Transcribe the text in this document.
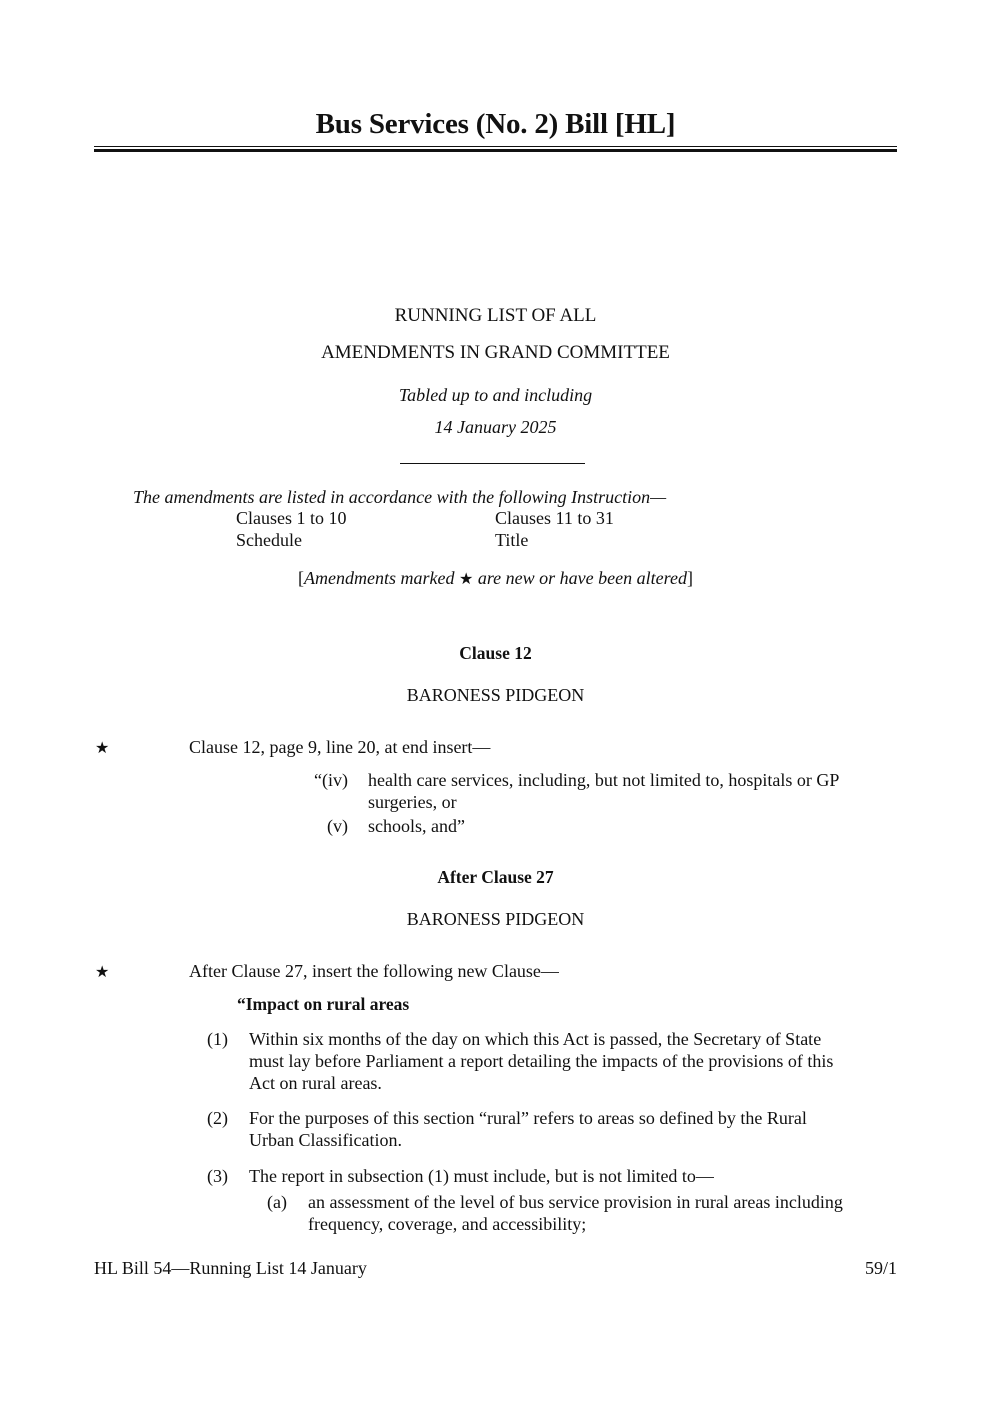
Bus Services (No. 2) Bill [HL]
RUNNING LIST OF ALL
AMENDMENTS IN GRAND COMMITTEE
Tabled up to and including
14 January 2025
The amendments are listed in accordance with the following Instruction—
Clauses 1 to 10	Clauses 11 to 31
Schedule	Title
[Amendments marked ★ are new or have been altered]
Clause 12
BARONESS PIDGEON
★	Clause 12, page 9, line 20, at end insert—
“(iv) health care services, including, but not limited to, hospitals or GP
surgeries, or
(v) schools, and”
After Clause 27
BARONESS PIDGEON
★	After Clause 27, insert the following new Clause—
“Impact on rural areas
(1) Within six months of the day on which this Act is passed, the Secretary of State
must lay before Parliament a report detailing the impacts of the provisions of this
Act on rural areas.
(2) For the purposes of this section “rural” refers to areas so defined by the Rural
Urban Classification.
(3) The report in subsection (1) must include, but is not limited to—
(a) an assessment of the level of bus service provision in rural areas including
frequency, coverage, and accessibility;
HL Bill 54—Running List 14 January	59/1
